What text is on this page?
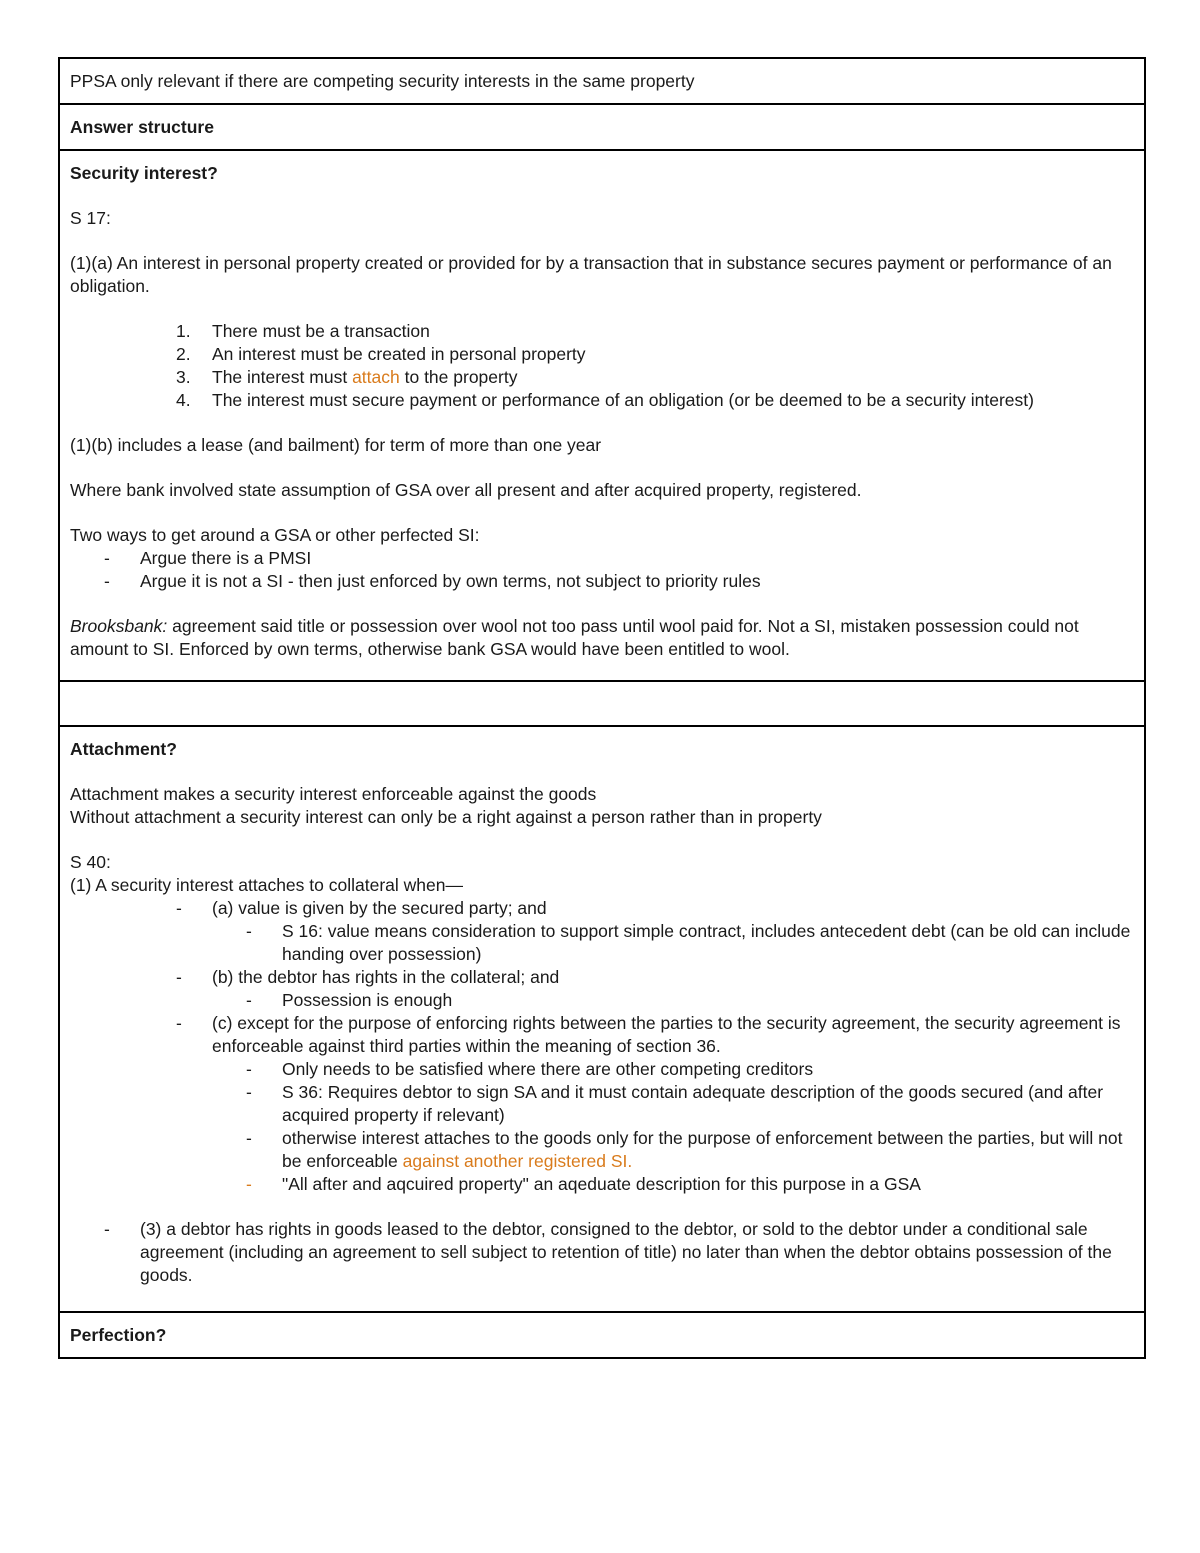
PPSA only relevant if there are competing security interests in the same property
Answer structure
Security interest?
S 17:
(1)(a) An interest in personal property created or provided for by a transaction that in substance secures payment or performance of an obligation.
1. There must be a transaction
2. An interest must be created in personal property
3. The interest must attach to the property
4. The interest must secure payment or performance of an obligation (or be deemed to be a security interest)
(1)(b) includes a lease (and bailment) for term of more than one year
Where bank involved state assumption of GSA over all present and after acquired property, registered.
Two ways to get around a GSA or other perfected SI:
- Argue there is a PMSI
- Argue it is not a SI - then just enforced by own terms, not subject to priority rules
Brooksbank: agreement said title or possession over wool not too pass until wool paid for. Not a SI, mistaken possession could not amount to SI. Enforced by own terms, otherwise bank GSA would have been entitled to wool.
Attachment?
Attachment makes a security interest enforceable against the goods
Without attachment a security interest can only be a right against a person rather than in property
S 40:
(1) A security interest attaches to collateral when—
- (a) value is given by the secured party; and
- S 16: value means consideration to support simple contract, includes antecedent debt (can be old can include handing over possession)
- (b) the debtor has rights in the collateral; and
- Possession is enough
- (c) except for the purpose of enforcing rights between the parties to the security agreement, the security agreement is enforceable against third parties within the meaning of section 36.
- Only needs to be satisfied where there are other competing creditors
- S 36: Requires debtor to sign SA and it must contain adequate description of the goods secured (and after acquired property if relevant)
- otherwise interest attaches to the goods only for the purpose of enforcement between the parties, but will not be enforceable against another registered SI.
- "All after and aqcuired property" an aqeduate description for this purpose in a GSA
- (3) a debtor has rights in goods leased to the debtor, consigned to the debtor, or sold to the debtor under a conditional sale agreement (including an agreement to sell subject to retention of title) no later than when the debtor obtains possession of the goods.
Perfection?
